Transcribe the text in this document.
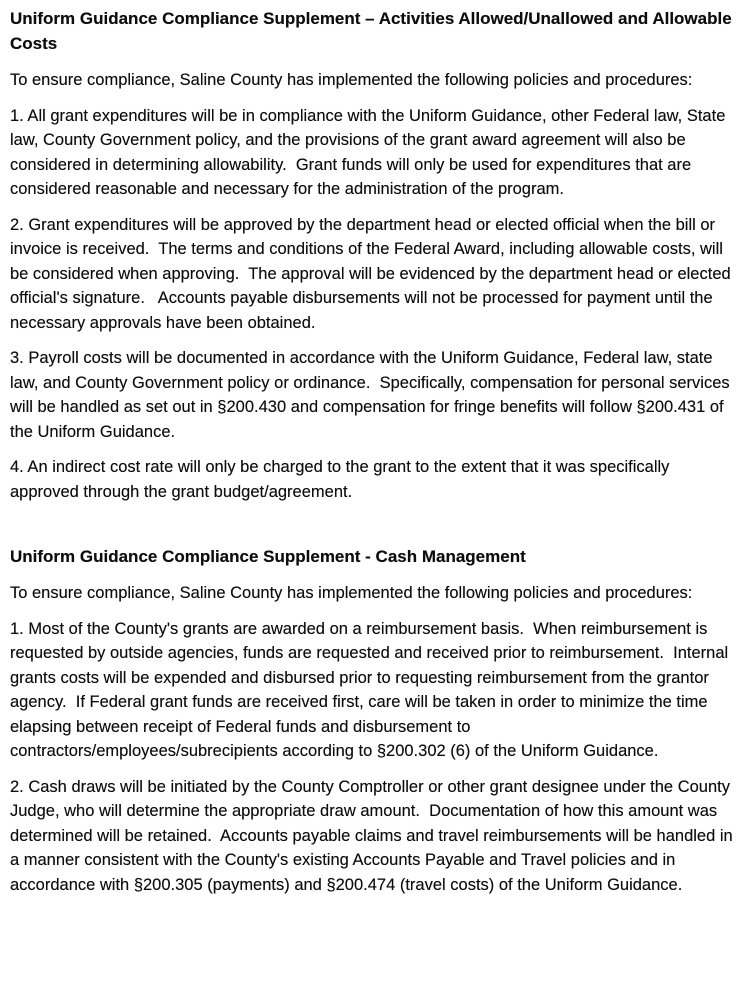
Uniform Guidance Compliance Supplement – Activities Allowed/Unallowed and Allowable Costs

To ensure compliance, Saline County has implemented the following policies and procedures:

1. All grant expenditures will be in compliance with the Uniform Guidance, other Federal law, State law, County Government policy, and the provisions of the grant award agreement will also be considered in determining allowability.  Grant funds will only be used for expenditures that are considered reasonable and necessary for the administration of the program.

2. Grant expenditures will be approved by the department head or elected official when the bill or invoice is received.  The terms and conditions of the Federal Award, including allowable costs, will be considered when approving.  The approval will be evidenced by the department head or elected official's signature.   Accounts payable disbursements will not be processed for payment until the necessary approvals have been obtained.

3. Payroll costs will be documented in accordance with the Uniform Guidance, Federal law, state law, and County Government policy or ordinance.  Specifically, compensation for personal services will be handled as set out in §200.430 and compensation for fringe benefits will follow §200.431 of the Uniform Guidance.

4. An indirect cost rate will only be charged to the grant to the extent that it was specifically approved through the grant budget/agreement.

Uniform Guidance Compliance Supplement - Cash Management

To ensure compliance, Saline County has implemented the following policies and procedures:

1. Most of the County's grants are awarded on a reimbursement basis.  When reimbursement is requested by outside agencies, funds are requested and received prior to reimbursement.  Internal grants costs will be expended and disbursed prior to requesting reimbursement from the grantor agency.  If Federal grant funds are received first, care will be taken in order to minimize the time elapsing between receipt of Federal funds and disbursement to contractors/employees/subrecipients according to §200.302 (6) of the Uniform Guidance.

2. Cash draws will be initiated by the County Comptroller or other grant designee under the County Judge, who will determine the appropriate draw amount.  Documentation of how this amount was determined will be retained.  Accounts payable claims and travel reimbursements will be handled in a manner consistent with the County's existing Accounts Payable and Travel policies and in accordance with §200.305 (payments) and §200.474 (travel costs) of the Uniform Guidance.
